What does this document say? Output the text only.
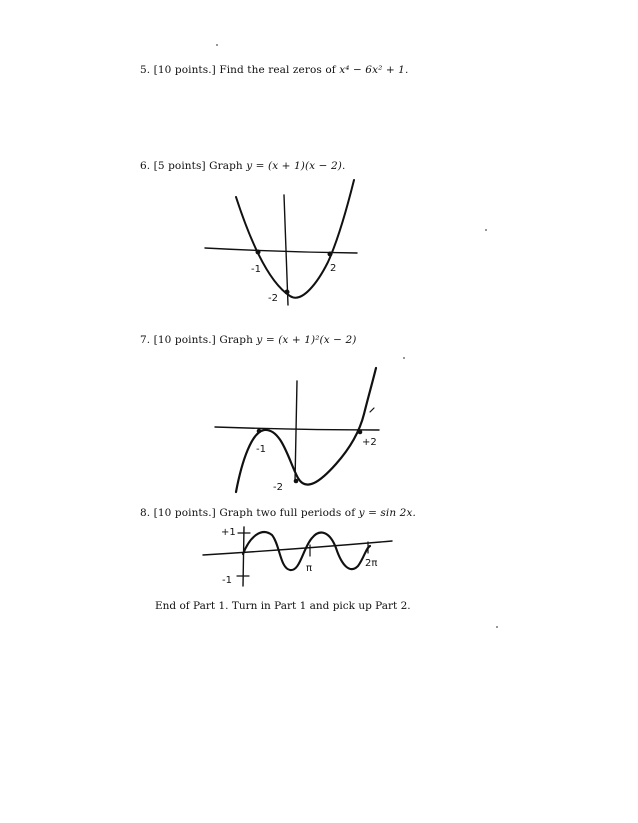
5. [10 points.] Find the real zeros of x⁴ − 6x² + 1.
6. [5 points] Graph y = (x + 1)(x − 2).
-1	2
-2
7. [10 points.] Graph y = (x + 1)²(x − 2)
-1
+2
-2
8. [10 points.] Graph two full periods of y = sin 2x.
+1
-1
π	2π
End of Part 1. Turn in Part 1 and pick up Part 2.
